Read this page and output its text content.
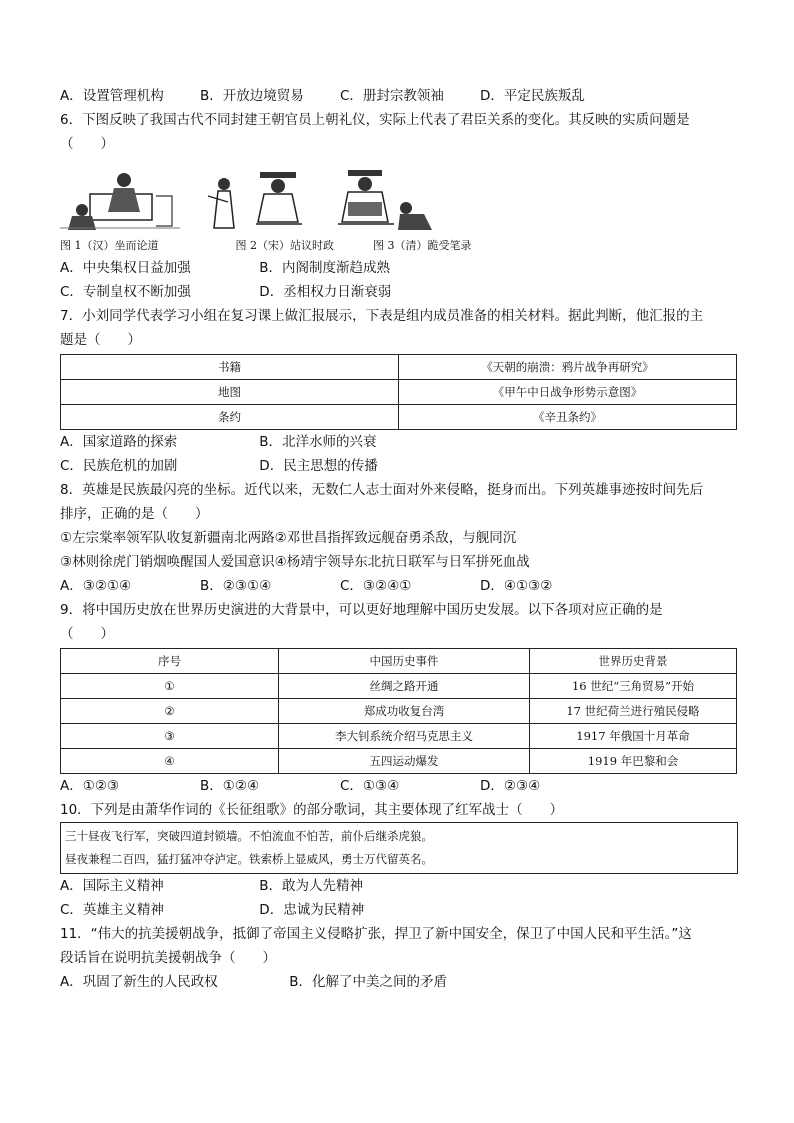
A．设置管理机构	B．开放边境贸易	C．册封宗教领袖	D．平定民族叛乱
6．下图反映了我国古代不同封建王朝官员上朝礼仪，实际上代表了君臣关系的变化。其反映的实质问题是
（　　）
图 1（汉）坐而论道	图 2（宋）站议时政	图 3（清）跪受笔录
A．中央集权日益加强	B．内阁制度渐趋成熟
C．专制皇权不断加强	D．丞相权力日渐衰弱
7．小刘同学代表学习小组在复习课上做汇报展示，下表是组内成员准备的相关材料。据此判断，他汇报的主
题是（　　）
书籍	《天朝的崩溃：鸦片战争再研究》
地图	《甲午中日战争形势示意图》
条约	《辛丑条约》
A．国家道路的探索	B．北洋水师的兴衰
C．民族危机的加剧	D．民主思想的传播
8．英雄是民族最闪亮的坐标。近代以来，无数仁人志士面对外来侵略，挺身而出。下列英雄事迹按时间先后
排序，正确的是（　　）
①左宗棠率领军队收复新疆南北两路②邓世昌指挥致远舰奋勇杀敌，与舰同沉
③林则徐虎门销烟唤醒国人爱国意识④杨靖宇领导东北抗日联军与日军拼死血战
A．③②①④	B．②③①④	C．③②④①	D．④①③②
9．将中国历史放在世界历史演进的大背景中，可以更好地理解中国历史发展。以下各项对应正确的是
（　　）
序号	中国历史事件	世界历史背景
①	丝绸之路开通	16 世纪“三角贸易”开始
②	郑成功收复台湾	17 世纪荷兰进行殖民侵略
③	李大钊系统介绍马克思主义	1917 年俄国十月革命
④	五四运动爆发	1919 年巴黎和会
A．①②③	B．①②④	C．①③④	D．②③④
10．下列是由萧华作词的《长征组歌》的部分歌词，其主要体现了红军战士（　　）
三十昼夜飞行军，突破四道封锁墙。不怕流血不怕苦，前仆后继杀虎狼。
昼夜兼程二百四，猛打猛冲夺泸定。铁索桥上显威风，勇士万代留英名。
A．国际主义精神	B．敢为人先精神
C．英雄主义精神	D．忠诚为民精神
11．“伟大的抗美援朝战争，抵御了帝国主义侵略扩张，捍卫了新中国安全，保卫了中国人民和平生活。”这
段话旨在说明抗美援朝战争（　　）
A．巩固了新生的人民政权	B．化解了中美之间的矛盾
